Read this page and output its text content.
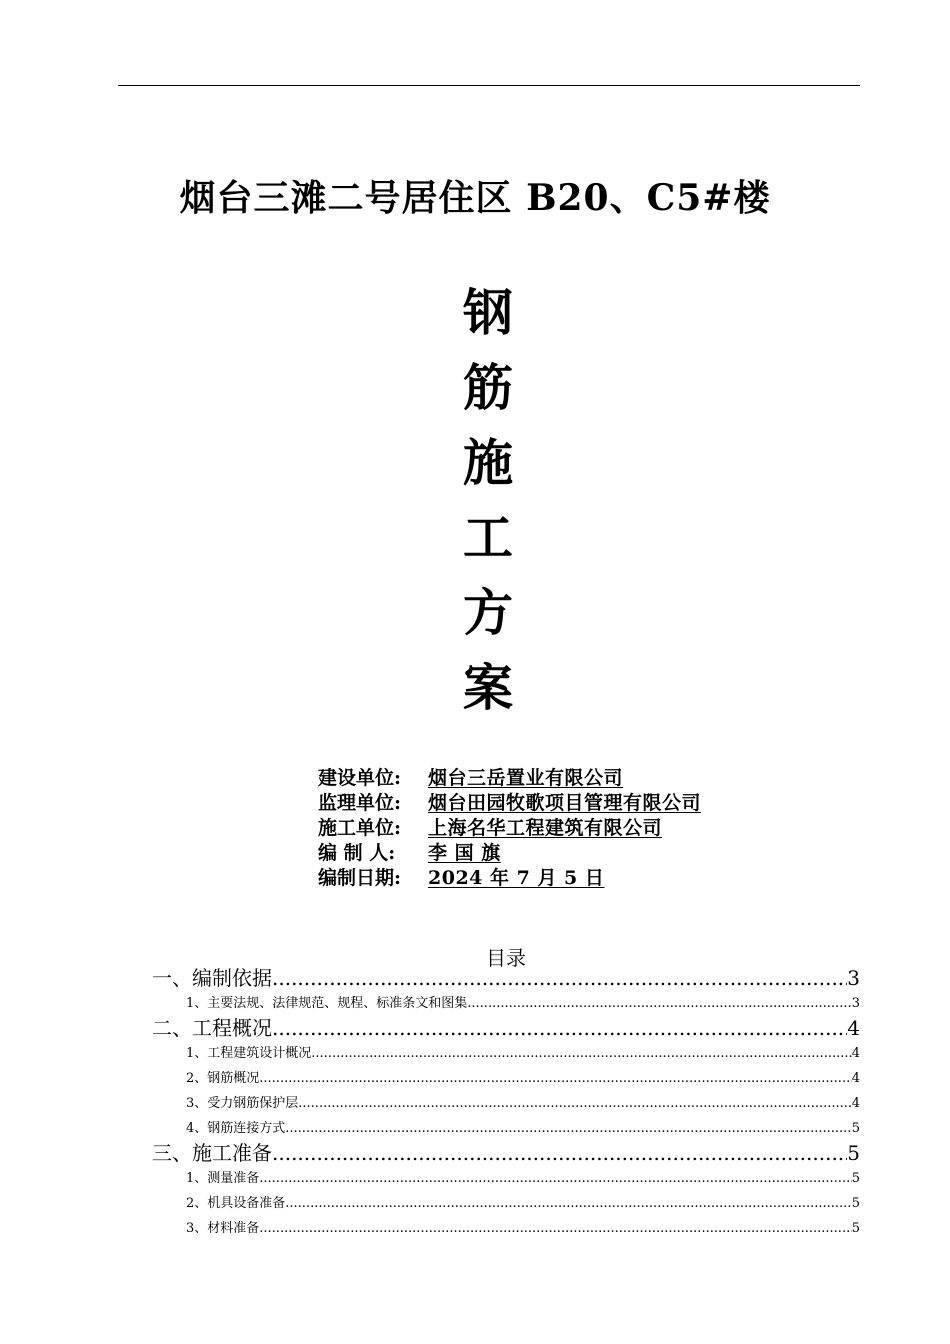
烟台三滩二号居住区 B20、C5#楼
钢
筋
施
工
方
案
建设单位: 烟台三岳置业有限公司
监理单位: 烟台田园牧歌项目管理有限公司
施工单位: 上海名华工程建筑有限公司
编 制 人: 李 国 旗
编制日期: 2024 年 7 月 5 日
目录
一、编制依据 .....	3
1、主要法规、法律规范、规程、标准条文和图集 .....	3
二、工程概况 .....	4
1、工程建筑设计概况 .....	4
2、钢筋概况 .....	4
3、受力钢筋保护层 .....	4
4、钢筋连接方式 .....	5
三、施工准备 .....	5
1、测量准备 .....	5
2、机具设备准备 .....	5
3、材料准备 .....	5
